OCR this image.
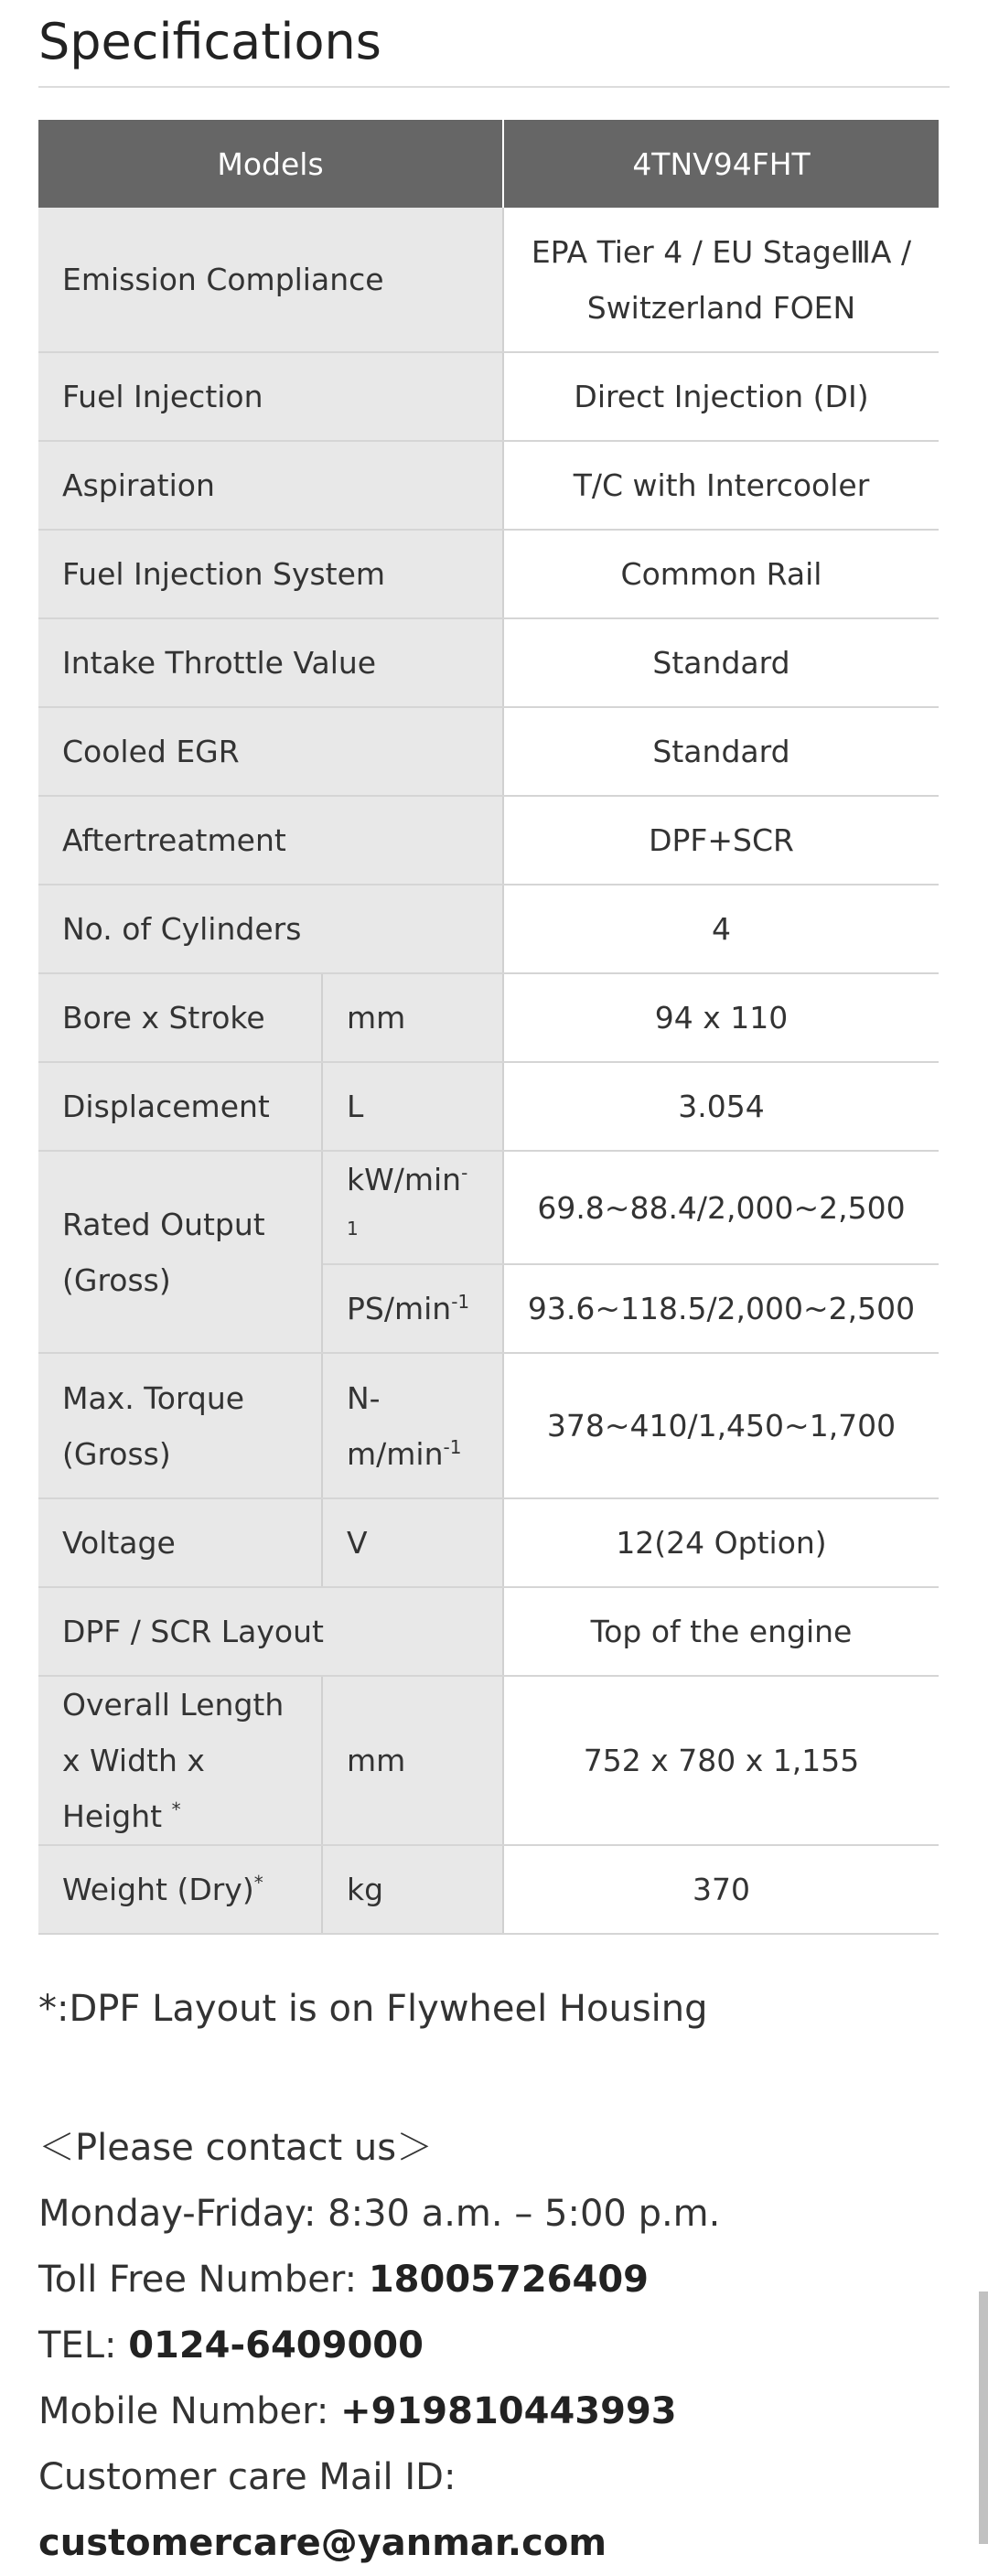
Specifications
Models		4TNV94FHT
Emission Compliance		EPA Tier 4 / EU StageⅢA / Switzerland FOEN
Fuel Injection		Direct Injection (DI)
Aspiration		T/C with Intercooler
Fuel Injection System		Common Rail
Intake Throttle Value		Standard
Cooled EGR		Standard
Aftertreatment		DPF+SCR
No. of Cylinders		4
Bore x Stroke	mm	94 x 110
Displacement	L	3.054
Rated Output (Gross)	$kW/\min^{-1}$	69.8~88.4/2,000~2,500
	$PS/\min^{-1}$	93.6~118.5/2,000~2,500
Max. Torque (Gross)	$N-m/\min^{-1}$	378~410/1,450~1,700
Voltage	V	12(24 Option)
DPF / SCR Layout		Top of the engine
Overall Length x Width x Height *	mm	752 x 780 x 1,155
Weight (Dry)*	kg	370
*:DPF Layout is on Flywheel Housing
＜Please contact us＞
Monday-Friday: 8:30 a.m. – 5:00 p.m.
Toll Free Number: 18005726409
TEL: 0124-6409000
Mobile Number: +919810443993
Customer care Mail ID: customercare@yanmar.com
